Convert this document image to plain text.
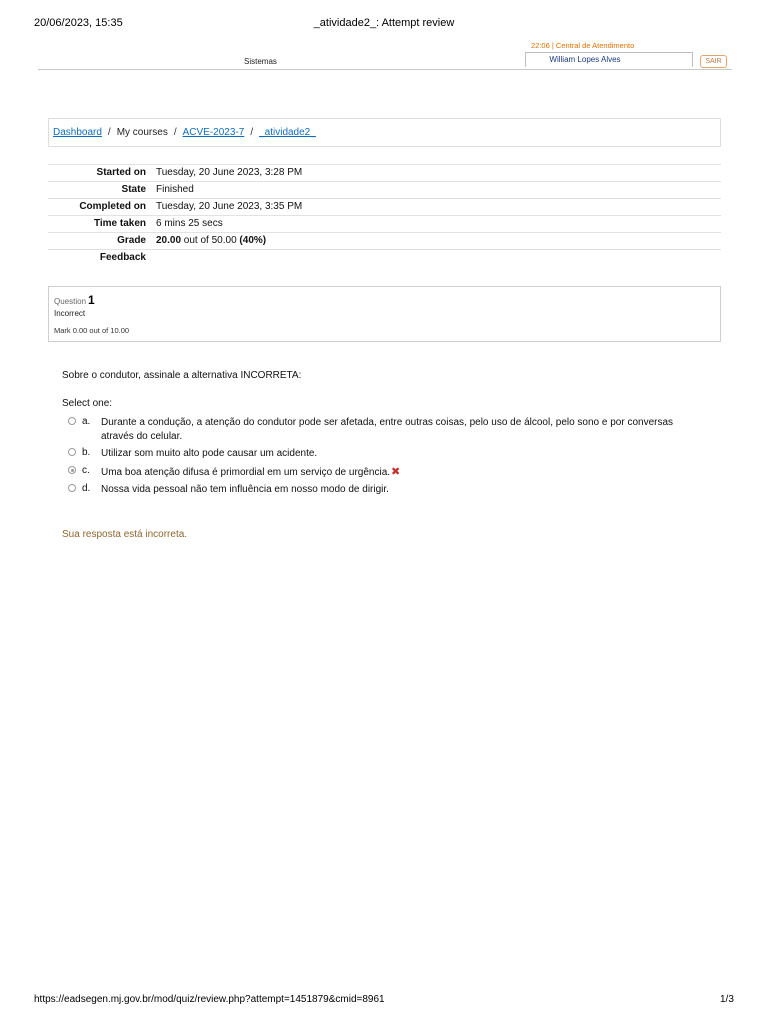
20/06/2023, 15:35	_atividade2_: Attempt review
Sistemas
22:06 | Central de Atendimento
William Lopes Alves	SAIR
Dashboard / My courses / ACVE-2023-7 / _atividade2_
Started on	Tuesday, 20 June 2023, 3:28 PM
State	Finished
Completed on	Tuesday, 20 June 2023, 3:35 PM
Time taken	6 mins 25 secs
Grade	20.00 out of 50.00 (40%)
Feedback
Question 1
Incorrect
Mark 0.00 out of 10.00
Sobre o condutor, assinale a alternativa INCORRETA:
Select one:
a. Durante a condução, a atenção do condutor pode ser afetada, entre outras coisas, pelo uso de álcool, pelo sono e por conversas através do celular.
b. Utilizar som muito alto pode causar um acidente.
c. Uma boa atenção difusa é primordial em um serviço de urgência.✖
d. Nossa vida pessoal não tem influência em nosso modo de dirigir.
Sua resposta está incorreta.
https://eadsegen.mj.gov.br/mod/quiz/review.php?attempt=1451879&cmid=8961	1/3
